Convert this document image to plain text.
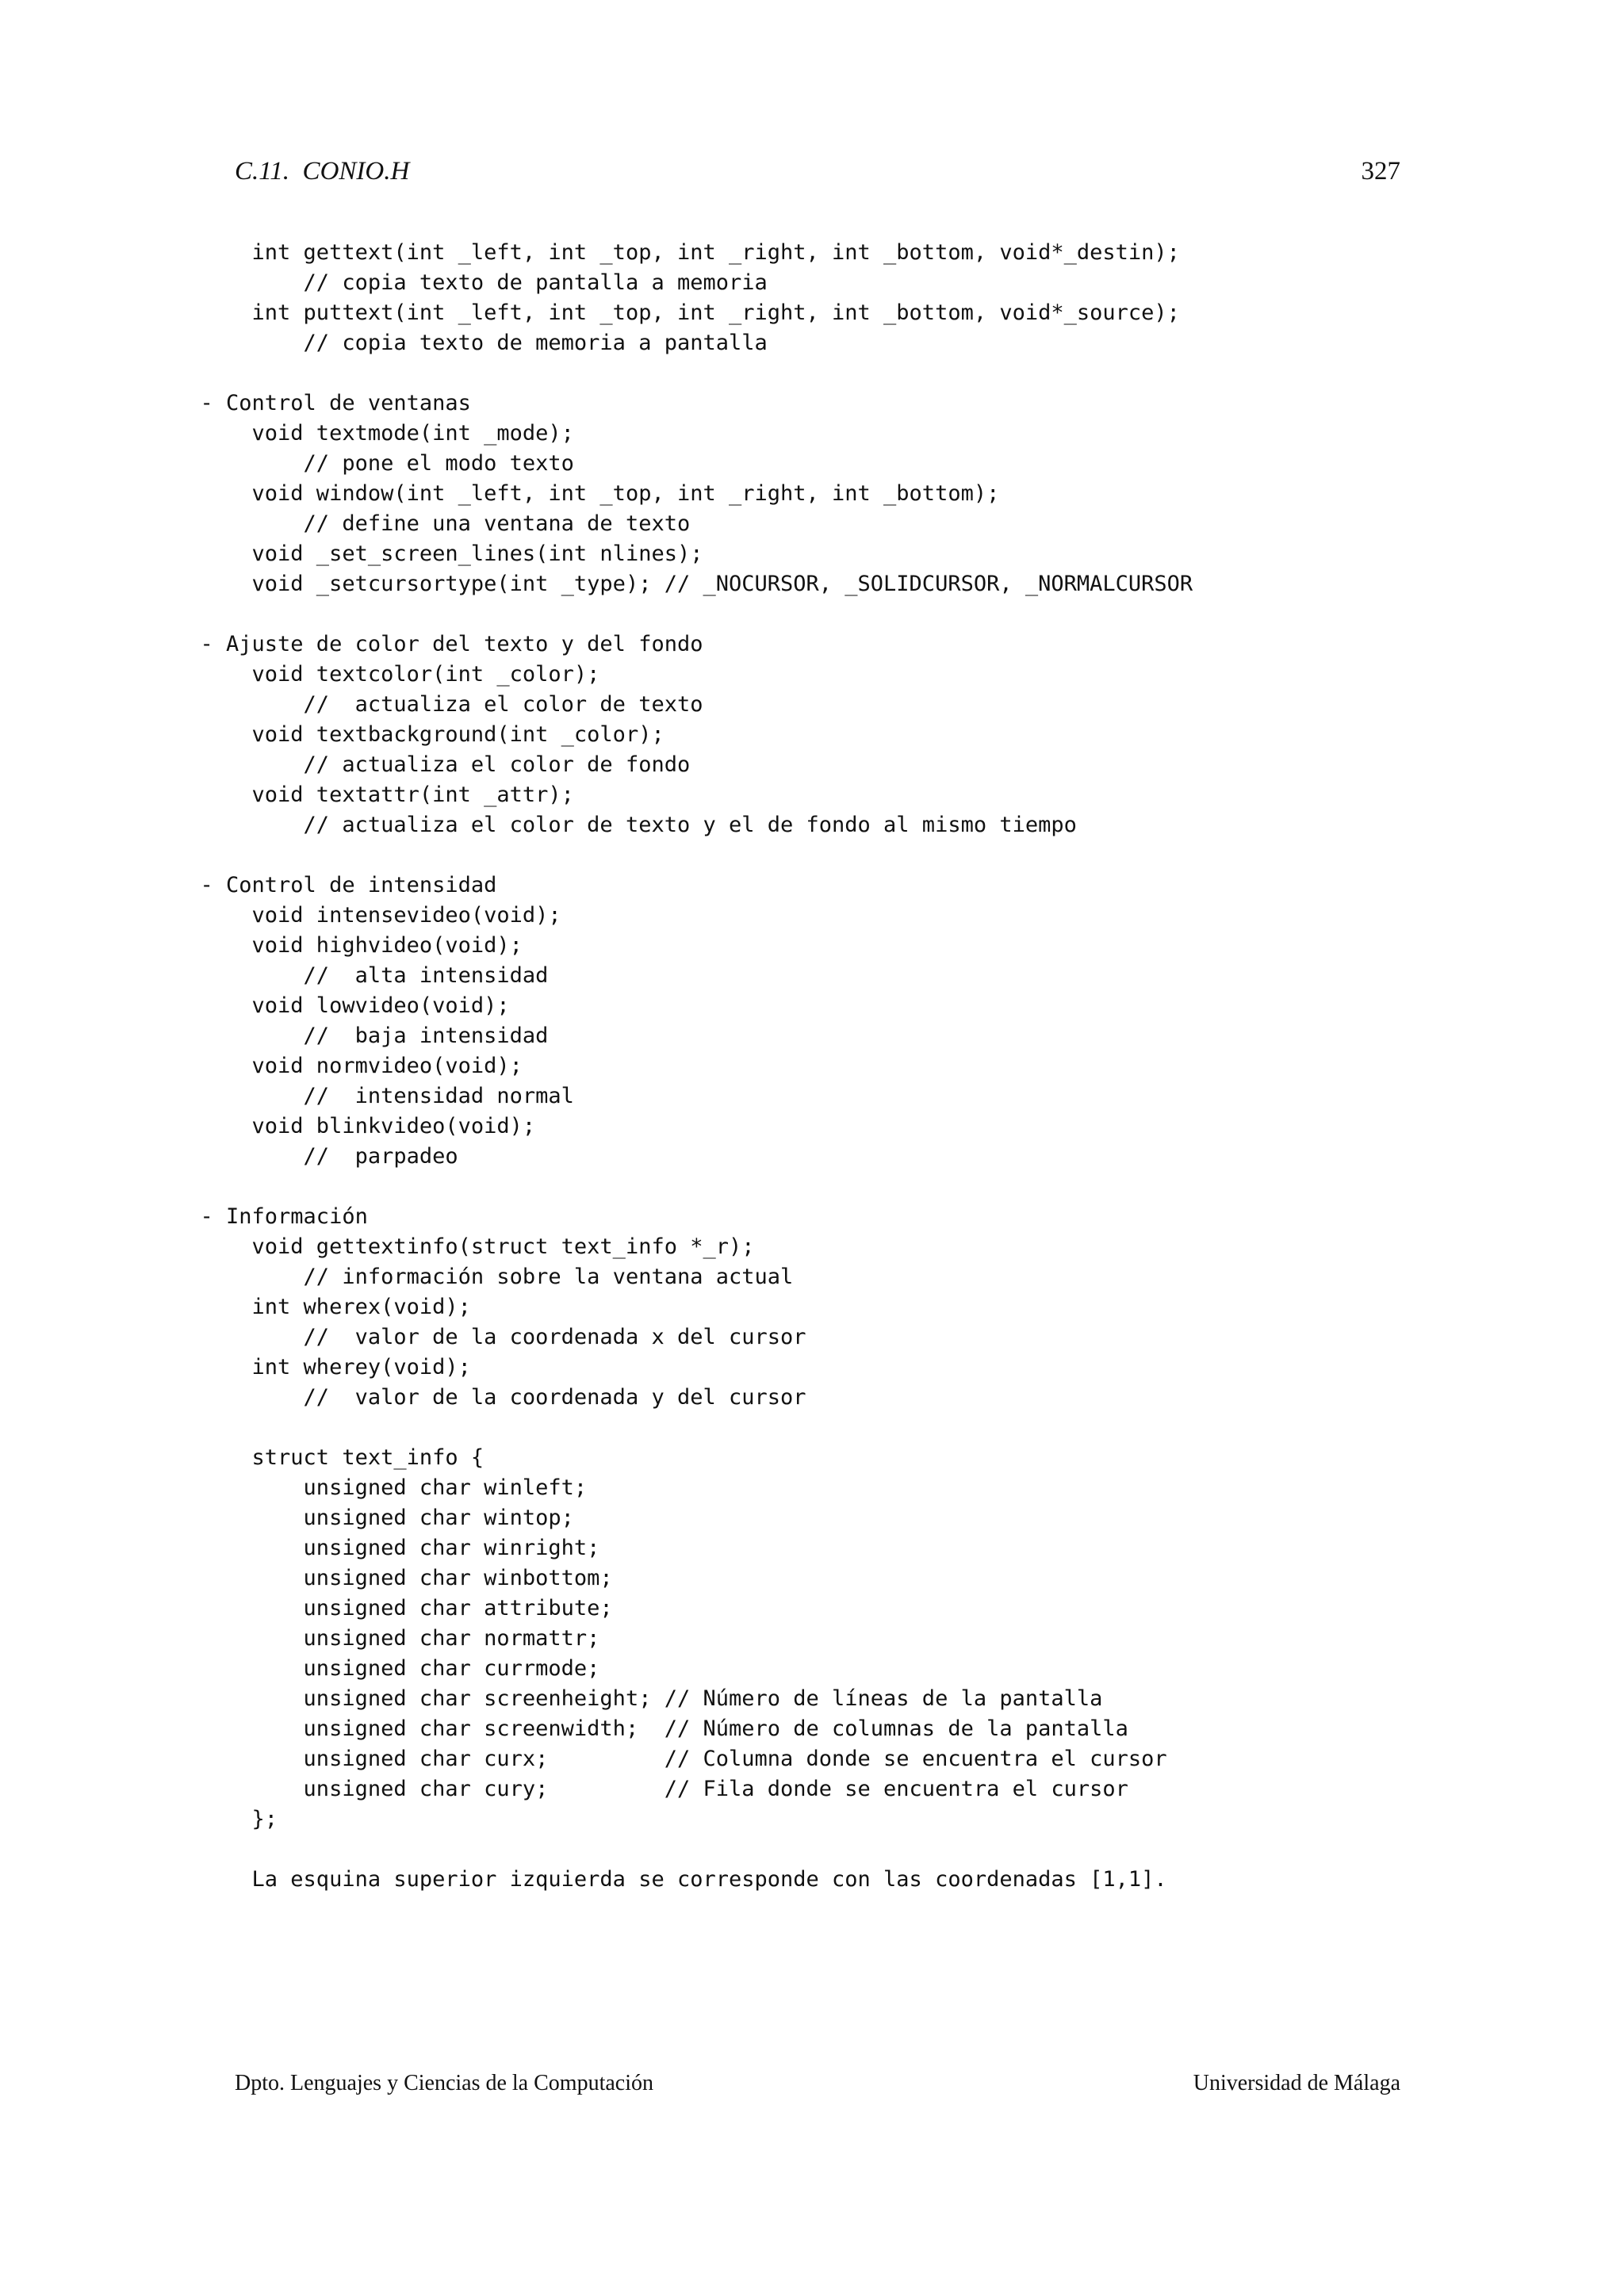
C.11.  CONIO.H	327
int gettext(int _left, int _top, int _right, int _bottom, void*_destin);
// copia texto de pantalla a memoria
int puttext(int _left, int _top, int _right, int _bottom, void*_source);
// copia texto de memoria a pantalla
- Control de ventanas
void textmode(int _mode);
// pone el modo texto
void window(int _left, int _top, int _right, int _bottom);
// define una ventana de texto
void _set_screen_lines(int nlines);
void _setcursortype(int _type); // _NOCURSOR, _SOLIDCURSOR, _NORMALCURSOR
- Ajuste de color del texto y del fondo
void textcolor(int _color);
//  actualiza el color de texto
void textbackground(int _color);
// actualiza el color de fondo
void textattr(int _attr);
// actualiza el color de texto y el de fondo al mismo tiempo
- Control de intensidad
void intensevideo(void);
void highvideo(void);
//  alta intensidad
void lowvideo(void);
//  baja intensidad
void normvideo(void);
//  intensidad normal
void blinkvideo(void);
//  parpadeo
- Información
void gettextinfo(struct text_info *_r);
// información sobre la ventana actual
int wherex(void);
//  valor de la coordenada x del cursor
int wherey(void);
//  valor de la coordenada y del cursor
struct text_info {
unsigned char winleft;
unsigned char wintop;
unsigned char winright;
unsigned char winbottom;
unsigned char attribute;
unsigned char normattr;
unsigned char currmode;
unsigned char screenheight; // Número de líneas de la pantalla
unsigned char screenwidth;  // Número de columnas de la pantalla
unsigned char curx;         // Columna donde se encuentra el cursor
unsigned char cury;         // Fila donde se encuentra el cursor
};
La esquina superior izquierda se corresponde con las coordenadas [1,1].
Dpto. Lenguajes y Ciencias de la Computación	Universidad de Málaga
